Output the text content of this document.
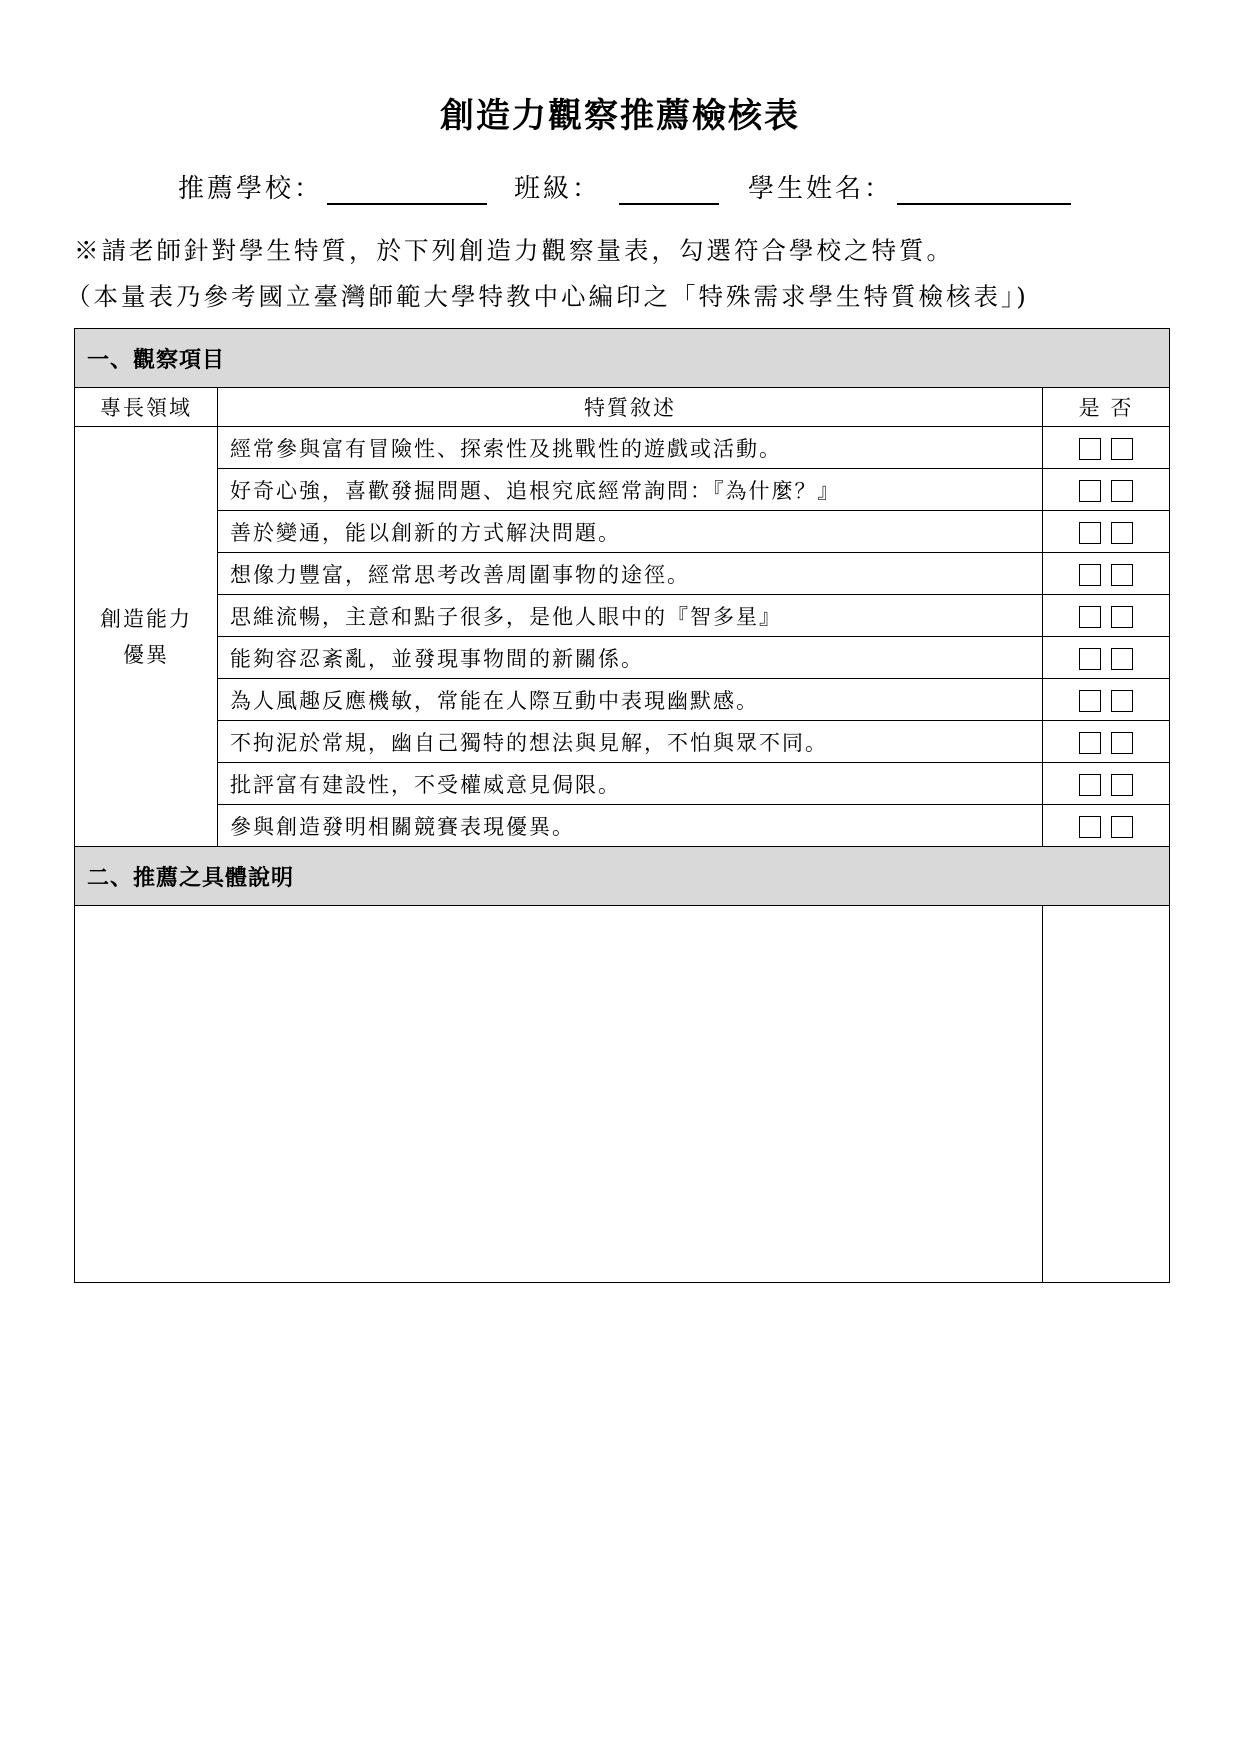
創造力觀察推薦檢核表
推薦學校：	班級：	學生姓名：
※請老師針對學生特質，於下列創造力觀察量表，勾選符合學校之特質。
（本量表乃參考國立臺灣師範大學特教中心編印之「特殊需求學生特質檢核表」)
一、觀察項目		
專長領域	特質敘述	是 否

創造能力
優異	經常參與富有冒險性、探索性及挑戰性的遊戲或活動。	
	好奇心強，喜歡發掘問題、追根究底經常詢問：『為什麼？』	
	善於變通，能以創新的方式解決問題。	
	想像力豐富，經常思考改善周圍事物的途徑。	
	思維流暢，主意和點子很多，是他人眼中的『智多星』	
	能夠容忍紊亂，並發現事物間的新關係。	
	為人風趣反應機敏，常能在人際互動中表現幽默感。	
	不拘泥於常規，幽自己獨特的想法與見解，不怕與眾不同。	
	批評富有建設性，不受權威意見侷限。	
	參與創造發明相關競賽表現優異。	
二、推薦之具體說明		
